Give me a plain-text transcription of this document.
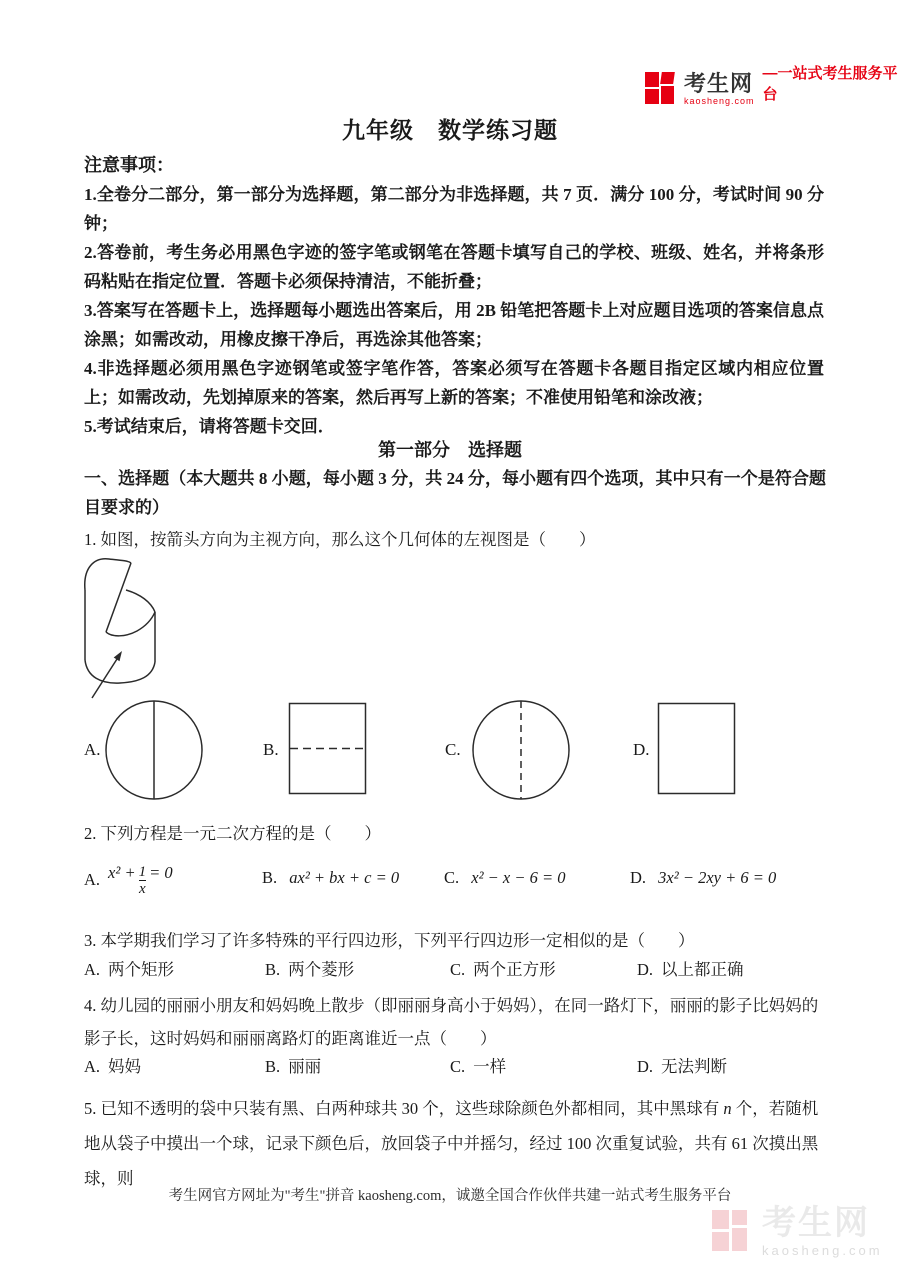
考生网
kaosheng.com
—一站式考生服务平台
九年级　数学练习题
注意事项：

1.全卷分二部分，第一部分为选择题，第二部分为非选择题，共 7 页．满分 100 分，考试时间 90 分钟；

2.答卷前，考生务必用黑色字迹的签字笔或钢笔在答题卡填写自己的学校、班级、姓名，并将条形码粘贴在指定位置．答题卡必须保持清洁，不能折叠；

3.答案写在答题卡上，选择题每小题选出答案后，用 2B 铅笔把答题卡上对应题目选项的答案信息点涂黑；如需改动，用橡皮擦干净后，再选涂其他答案；

4.非选择题必须用黑色字迹钢笔或签字笔作答，答案必须写在答题卡各题目指定区域内相应位置上；如需改动，先划掉原来的答案，然后再写上新的答案；不准使用铅笔和涂改液；

5.考试结束后，请将答题卡交回．

第一部分　选择题

一、选择题（本大题共 8 小题，每小题 3 分，共 24 分，每小题有四个选项，其中只有一个是符合题目要求的）

1. 如图，按箭头方向为主视方向，那么这个几何体的左视图是（　　）

A.	B.	C.	D.

2. 下列方程是一元二次方程的是（　　）

A. $x^2 + \frac{1}{x} = 0$	B. ax² + bx + c = 0	C. x² − x − 6 = 0	D. 3x² − 2xy + 6 = 0

3. 本学期我们学习了许多特殊的平行四边形，下列平行四边形一定相似的是（　　）

A. 两个矩形	B. 两个菱形	C. 两个正方形	D. 以上都正确

4. 幼儿园的丽丽小朋友和妈妈晚上散步（即丽丽身高小于妈妈），在同一路灯下，丽丽的影子比妈妈的影子长，这时妈妈和丽丽离路灯的距离谁近一点（　　）

A. 妈妈	B. 丽丽	C. 一样	D. 无法判断

5. 已知不透明的袋中只装有黑、白两种球共 30 个，这些球除颜色外都相同，其中黑球有 n 个，若随机地从袋子中摸出一个球，记录下颜色后，放回袋子中并摇匀，经过 100 次重复试验，共有 61 次摸出黑球，则

考生网官方网址为"考生"拼音 kaosheng.com，诚邀全国合作伙伴共建一站式考生服务平台
考生网
kaosheng.com
